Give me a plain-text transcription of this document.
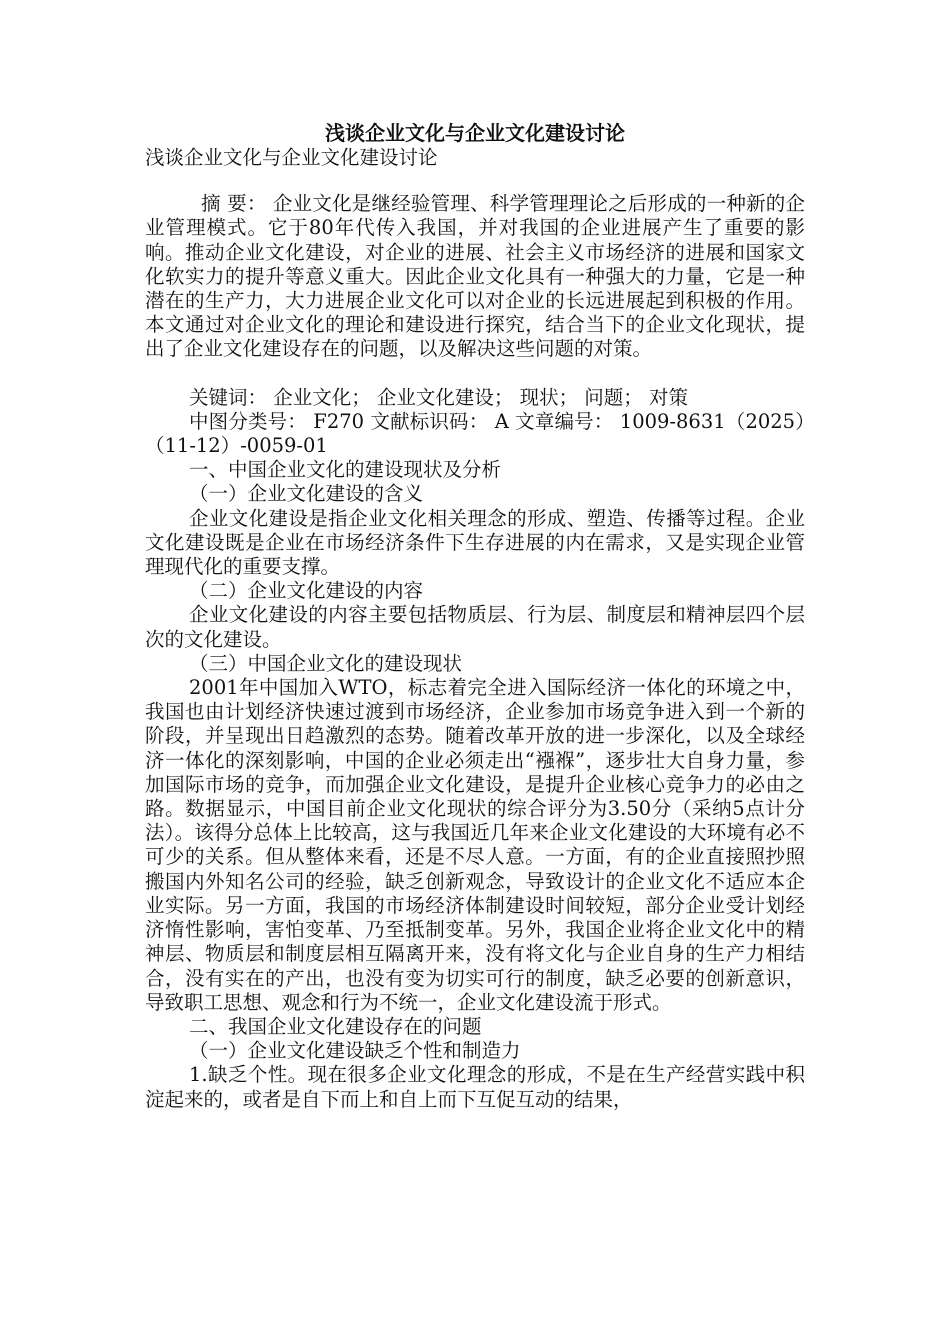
浅谈企业文化与企业文化建设讨论

浅谈企业文化与企业文化建设讨论

摘 要： 企业文化是继经验管理、科学管理理论之后形成的一种新的企业管理模式。它于80年代传入我国，并对我国的企业进展产生了重要的影响。推动企业文化建设，对企业的进展、社会主义市场经济的进展和国家文化软实力的提升等意义重大。因此企业文化具有一种强大的力量，它是一种潜在的生产力，大力进展企业文化可以对企业的长远进展起到积极的作用。本文通过对企业文化的理论和建设进行探究，结合当下的企业文化现状，提出了企业文化建设存在的问题，以及解决这些问题的对策。

关键词： 企业文化； 企业文化建设； 现状； 问题； 对策

中图分类号： F270 文献标识码： A 文章编号： 1009-8631（2025）（11-12）-0059-01

一、中国企业文化的建设现状及分析

（一）企业文化建设的含义

企业文化建设是指企业文化相关理念的形成、塑造、传播等过程。企业文化建设既是企业在市场经济条件下生存进展的内在需求，又是实现企业管理现代化的重要支撑。

（二）企业文化建设的内容

企业文化建设的内容主要包括物质层、行为层、制度层和精神层四个层次的文化建设。

（三）中国企业文化的建设现状

2001年中国加入WTO，标志着完全进入国际经济一体化的环境之中，我国也由计划经济快速过渡到市场经济，企业参加市场竞争进入到一个新的阶段，并呈现出日趋激烈的态势。随着改革开放的进一步深化，以及全球经济一体化的深刻影响，中国的企业必须走出“襁褓”，逐步壮大自身力量，参加国际市场的竞争，而加强企业文化建设，是提升企业核心竞争力的必由之路。数据显示，中国目前企业文化现状的综合评分为3.50分（采纳5点计分法）。该得分总体上比较高，这与我国近几年来企业文化建设的大环境有必不可少的关系。但从整体来看，还是不尽人意。一方面，有的企业直接照抄照搬国内外知名公司的经验，缺乏创新观念，导致设计的企业文化不适应本企业实际。另一方面，我国的市场经济体制建设时间较短，部分企业受计划经济惰性影响，害怕变革、乃至抵制变革。另外，我国企业将企业文化中的精神层、物质层和制度层相互隔离开来，没有将文化与企业自身的生产力相结合，没有实在的产出，也没有变为切实可行的制度，缺乏必要的创新意识，导致职工思想、观念和行为不统一，企业文化建设流于形式。

二、我国企业文化建设存在的问题

（一）企业文化建设缺乏个性和制造力

1.缺乏个性。现在很多企业文化理念的形成，不是在生产经营实践中积淀起来的，或者是自下而上和自上而下互促互动的结果，
